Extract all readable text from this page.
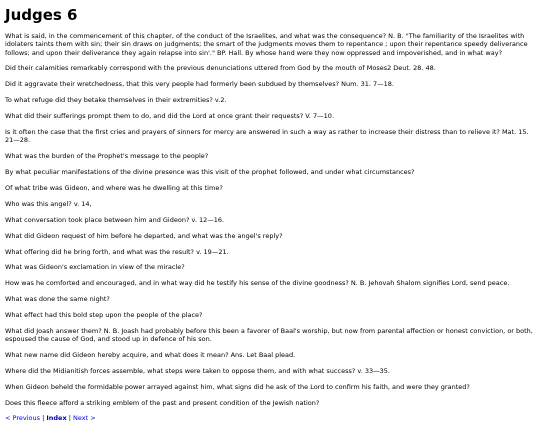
Judges 6

What is said, in the commencement of this chapter, of the conduct of the Israelites, and what was the consequence? N. B. "The familiarity of the Israelites with idolaters taints them with sin; their sin draws on judgments; the smart of the judgments moves them to repentance ; upon their repentance speedy deliverance follows; and upon their deliverance they again relapse into sin'." BP. Hall. By whose hand were they now oppressed and impoverished, and in what way?

Did their calamities remarkably correspond with the previous denunciations uttered from God by the mouth of Moses2 Deut. 28. 48.

Did it aggravate their wretchedness, that this very people had formerly been subdued by themselves? Num. 31. 7—18.

To what refuge did they betake themselves in their extremities? v.2.

What did their sufferings prompt them to do, and did the Lord at once grant their requests? V. 7—10.

Is it often the case that the first cries and prayers of sinners for mercy are answered in such a way as rather to increase their distress than to relieve it? Mat. 15. 21—28.

What was the burden of the Prophet's message to the people?

By what peculiar manifestations of the divine presence was this visit of the prophet followed, and under what circumstances?

Of what tribe was Gideon, and where was he dwelling at this time?

Who was this angel? v. 14,

What conversation took place between him and Gideon? v. 12—16.

What did Gideon request of him before he departed, and what was the angel's reply?

What offering did he bring forth, and what was the result? v. 19—21.

What was Gideon's exclamation in view of the miracle?

How was he comforted and encouraged, and in what way did he testify his sense of the divine goodness? N. B. Jehovah Shalom signifies Lord, send peace.

What was done the same night?

What effect had this bold step upon the people of the place?

What did Joash answer them? N. B. Joash had probably before this been a favorer of Baal's worship, but now from parental affection or honest conviction, or both, espoused the cause of God, and stood up in defence of his son.

What new name did Gideon hereby acquire, and what does it mean? Ans. Let Baal plead.

Where did the Midianitish forces assemble, what steps were taken to oppose them, and with what success? v. 33—35.

When Gideon beheld the formidable power arrayed against him, what signs did he ask of the Lord to confirm his faith, and were they granted?

Does this fleece afford a striking emblem of the past and present condition of the Jewish nation?

< Previous | Index | Next >
